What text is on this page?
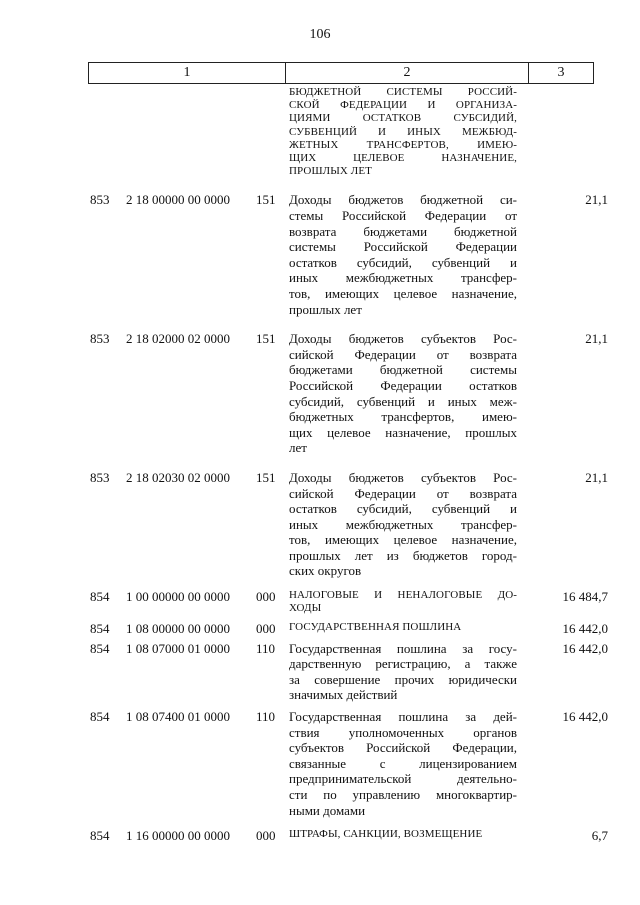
106
1	2	3
БЮДЖЕТНОЙ СИСТЕМЫ РОССИЙ-
СКОЙ ФЕДЕРАЦИИ И ОРГАНИЗА-
ЦИЯМИ ОСТАТКОВ СУБСИДИЙ,
СУБВЕНЦИЙ И ИНЫХ МЕЖБЮД-
ЖЕТНЫХ ТРАНСФЕРТОВ, ИМЕЮ-
ЩИХ ЦЕЛЕВОЕ НАЗНАЧЕНИЕ,
ПРОШЛЫХ ЛЕТ
853	2 18 00000 00 0000	151	Доходы бюджетов бюджетной си-
стемы Российской Федерации от
возврата бюджетами бюджетной
системы Российской Федерации
остатков субсидий, субвенций и
иных межбюджетных трансфер-
тов, имеющих целевое назначение,
прошлых лет
21,1
853	2 18 02000 02 0000	151	Доходы бюджетов субъектов Рос-
сийской Федерации от возврата
бюджетами бюджетной системы
Российской Федерации остатков
субсидий, субвенций и иных меж-
бюджетных трансфертов, имею-
щих целевое назначение, прошлых
лет
21,1
853	2 18 02030 02 0000	151	Доходы бюджетов субъектов Рос-
сийской Федерации от возврата
остатков субсидий, субвенций и
иных межбюджетных трансфер-
тов, имеющих целевое назначение,
прошлых лет из бюджетов город-
ских округов
21,1
854	1 00 00000 00 0000	000	НАЛОГОВЫЕ И НЕНАЛОГОВЫЕ ДО-
ХОДЫ
16 484,7
854	1 08 00000 00 0000	000	ГОСУДАРСТВЕННАЯ ПОШЛИНА	16 442,0
854	1 08 07000 01 0000	110	Государственная пошлина за госу-
дарственную регистрацию, а также
за совершение прочих юридически
значимых действий
16 442,0
854	1 08 07400 01 0000	110	Государственная пошлина за дей-
ствия уполномоченных органов
субъектов Российской Федерации,
связанные с лицензированием
предпринимательской деятельно-
сти по управлению многоквартир-
ными домами
16 442,0
854	1 16 00000 00 0000	000	ШТРАФЫ, САНКЦИИ, ВОЗМЕЩЕНИЕ	6,7
